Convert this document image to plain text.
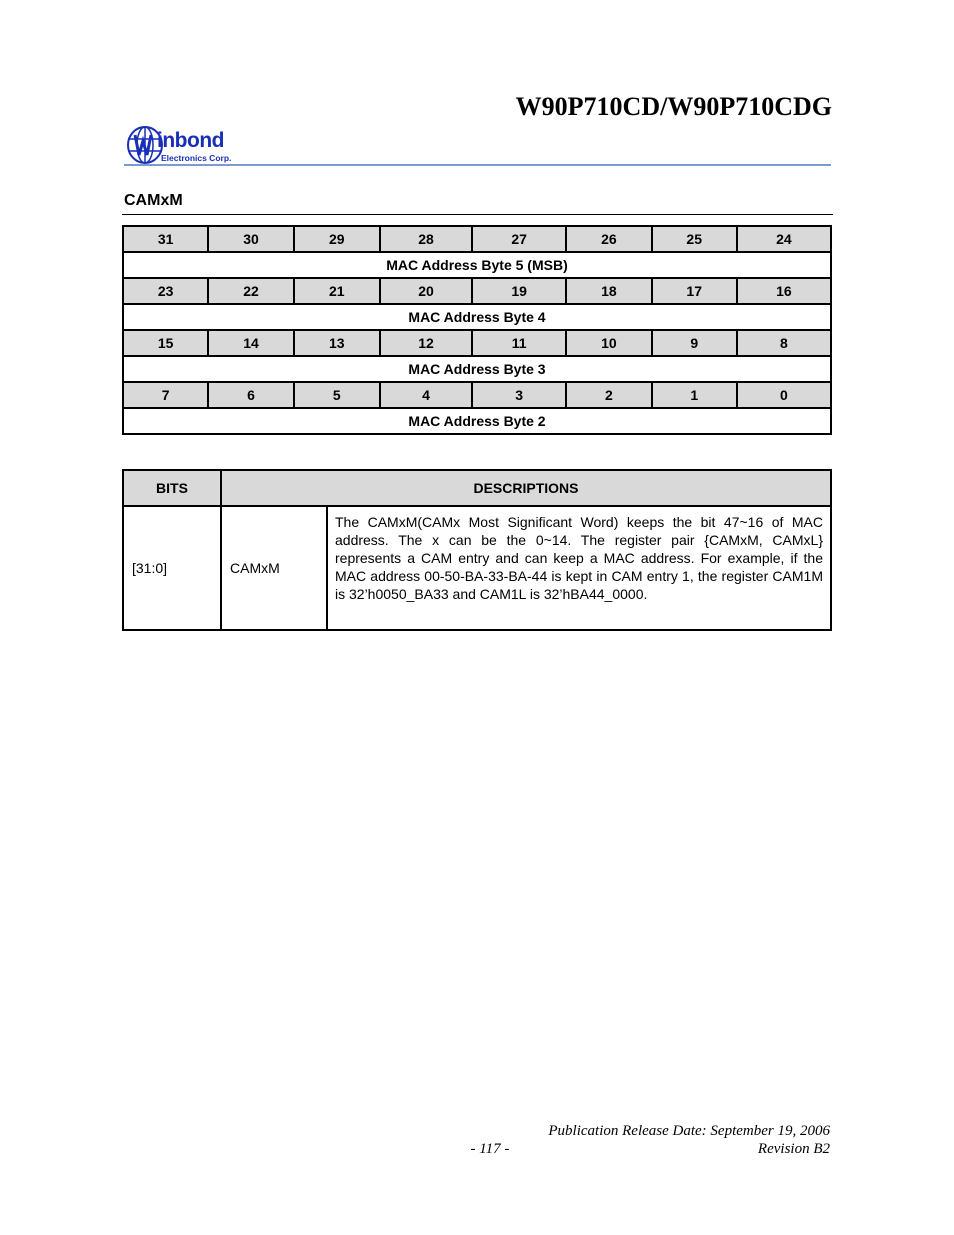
W90P710CD/W90P710CDG
inbond
Electronics Corp.
CAMxM
31	30	29	28	27	26	25	24
MAC Address Byte 5 (MSB)							
23	22	21	20	19	18	17	16
MAC Address Byte 4							
15	14	13	12	11	10	9	8
MAC Address Byte 3							
7	6	5	4	3	2	1	0
MAC Address Byte 2							
BITS	DESCRIPTIONS	
[31:0]	CAMxM	The CAMxM(CAMx Most Significant Word) keeps the bit 47~16 of MAC address. The x can be the 0~14. The register pair {CAMxM, CAMxL} represents a CAM entry and can keep a MAC address. For example, if the MAC address 00-50-BA-33-BA-44 is kept in CAM entry 1, the register CAM1M is 32’h0050_BA33 and CAM1L is 32’hBA44_0000.
Publication Release Date: September 19, 2006
- 117 -	Revision B2
